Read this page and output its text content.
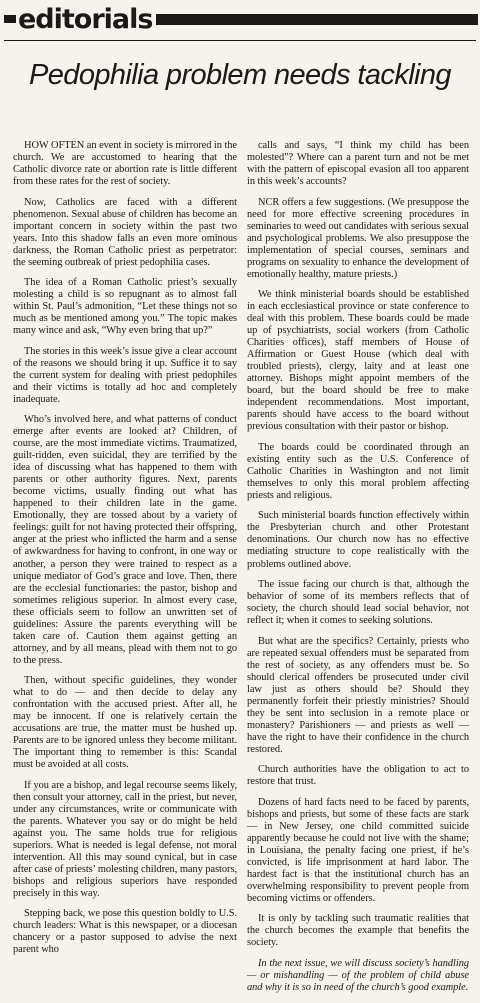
editorials
Pedophilia problem needs tackling

HOW OFTEN an event in society is mirrored in the church. We are accustomed to hearing that the Catholic divorce rate or abortion rate is little different from these rates for the rest of society.

Now, Catholics are faced with a different phenomenon. Sexual abuse of children has become an important concern in society within the past two years. Into this shadow falls an even more ominous darkness, the Roman Catholic priest as perpetrator: the seeming outbreak of priest pedophilia cases.

The idea of a Roman Catholic priest’s sexually molesting a child is so repugnant as to almost fall within St. Paul’s admonition, “Let these things not so much as be mentioned among you.” The topic makes many wince and ask, “Why even bring that up?”

The stories in this week’s issue give a clear account of the reasons we should bring it up. Suffice it to say the current system for dealing with priest pedophiles and their victims is totally ad hoc and completely inadequate.

Who’s involved here, and what patterns of conduct emerge after events are looked at? Children, of course, are the most immediate victims. Traumatized, guilt-ridden, even suicidal, they are terrified by the idea of discussing what has happened to them with parents or other authority figures. Next, parents become victims, usually finding out what has happened to their children late in the game. Emotionally, they are tossed about by a variety of feelings: guilt for not having protected their offspring, anger at the priest who inflicted the harm and a sense of awkwardness for having to confront, in one way or another, a person they were trained to respect as a unique mediator of God’s grace and love. Then, there are the ecclesial functionaries: the pastor, bishop and sometimes religious superior. In almost every case, these officials seem to follow an unwritten set of guidelines: Assure the parents everything will be taken care of. Caution them against getting an attorney, and by all means, plead with them not to go to the press.

Then, without specific guidelines, they wonder what to do — and then decide to delay any confrontation with the accused priest. After all, he may be innocent. If one is relatively certain the accusations are true, the matter must be hushed up. Parents are to be ignored unless they become militant. The important thing to remember is this: Scandal must be avoided at all costs.

If you are a bishop, and legal recourse seems likely, then consult your attorney, call in the priest, but never, under any circumstances, write or communicate with the parents. Whatever you say or do might be held against you. The same holds true for religious superiors. What is needed is legal defense, not moral intervention. All this may sound cynical, but in case after case of priests’ molesting children, many pastors, bishops and religious superiors have responded precisely in this way.

Stepping back, we pose this question boldly to U.S. church leaders: What is this newspaper, or a diocesan chancery or a pastor supposed to advise the next parent who

calls and says, “I think my child has been molested”? Where can a parent turn and not be met with the pattern of episcopal evasion all too apparent in this week’s accounts?

NCR offers a few suggestions. (We presuppose the need for more effective screening procedures in seminaries to weed out candidates with serious sexual and psychological problems. We also presuppose the implementation of special courses, seminars and programs on sexuality to enhance the development of emotionally healthy, mature priests.)

We think ministerial boards should be established in each ecclesiastical province or state conference to deal with this problem. These boards could be made up of psychiatrists, social workers (from Catholic Charities offices), staff members of House of Affirmation or Guest House (which deal with troubled priests), clergy, laity and at least one attorney. Bishops might appoint members of the board, but the board should be free to make independent recommendations. Most important, parents should have access to the board without previous consultation with their pastor or bishop.

The boards could be coordinated through an existing entity such as the U.S. Conference of Catholic Charities in Washington and not limit themselves to only this moral problem affecting priests and religious.

Such ministerial boards function effectively within the Presbyterian church and other Protestant denominations. Our church now has no effective mediating structure to cope realistically with the problems outlined above.

The issue facing our church is that, although the behavior of some of its members reflects that of society, the church should lead social behavior, not reflect it; when it comes to seeking solutions.

But what are the specifics? Certainly, priests who are repeated sexual offenders must be separated from the rest of society, as any offenders must be. So should clerical offenders be prosecuted under civil law just as others should be? Should they permanently forfeit their priestly ministries? Should they be sent into seclusion in a remote place or monastery? Parishioners — and priests as well — have the right to have their confidence in the church restored.

Church authorities have the obligation to act to restore that trust.

Dozens of hard facts need to be faced by parents, bishops and priests, but some of these facts are stark — in New Jersey, one child committed suicide apparently because he could not live with the shame; in Louisiana, the penalty facing one priest, if he’s convicted, is life imprisonment at hard labor. The hardest fact is that the institutional church has an overwhelming responsibility to prevent people from becoming victims or offenders.

It is only by tackling such traumatic realities that the church becomes the example that benefits the society.

In the next issue, we will discuss society’s handling — or mishandling — of the problem of child abuse and why it is so in need of the church’s good example.
